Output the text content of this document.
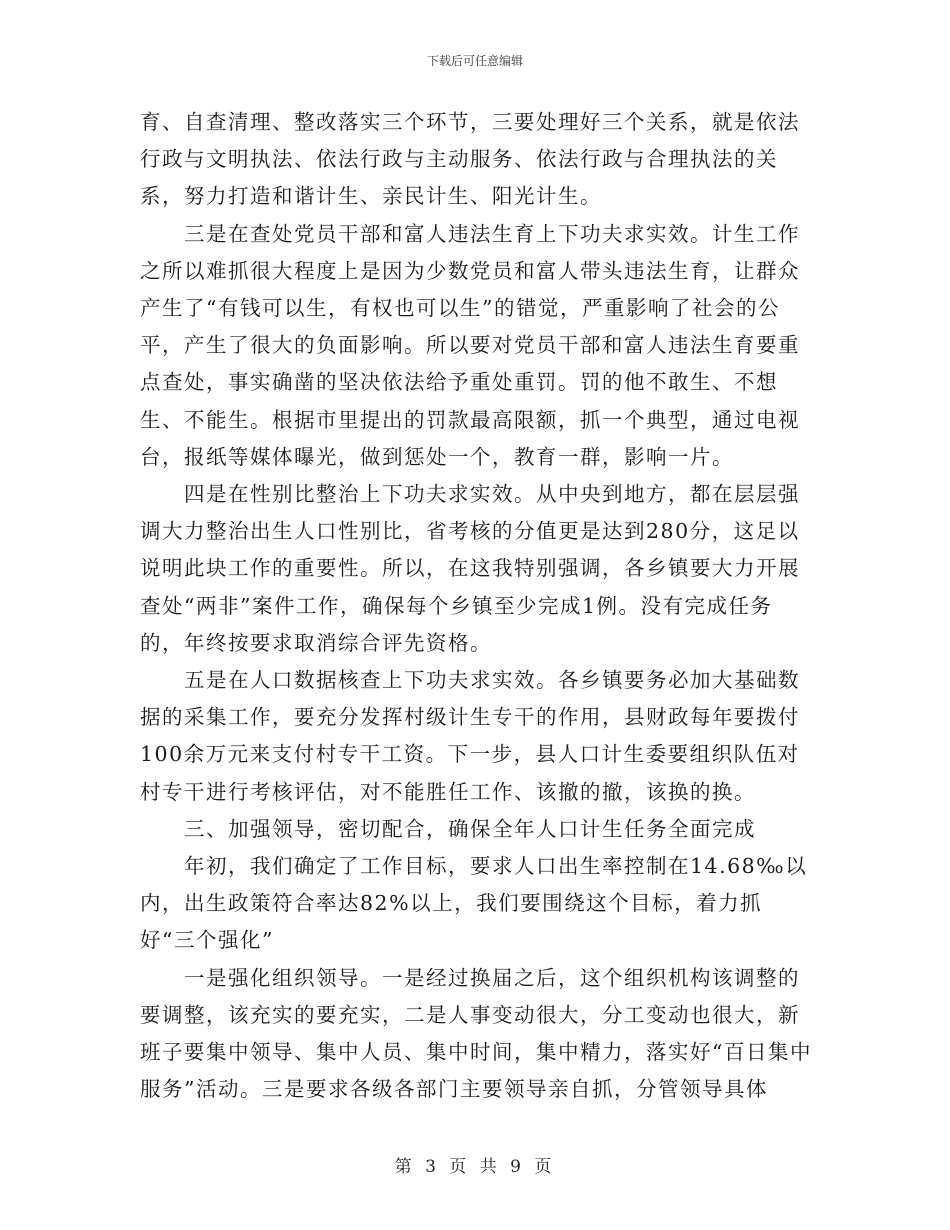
下载后可任意编辑

育、自查清理、整改落实三个环节，三要处理好三个关系，就是依法行政与文明执法、依法行政与主动服务、依法行政与合理执法的关系，努力打造和谐计生、亲民计生、阳光计生。

三是在查处党员干部和富人违法生育上下功夫求实效。计生工作之所以难抓很大程度上是因为少数党员和富人带头违法生育，让群众产生了“有钱可以生，有权也可以生”的错觉，严重影响了社会的公平，产生了很大的负面影响。所以要对党员干部和富人违法生育要重点查处，事实确凿的坚决依法给予重处重罚。罚的他不敢生、不想生、不能生。根据市里提出的罚款最高限额，抓一个典型，通过电视台，报纸等媒体曝光，做到惩处一个，教育一群，影响一片。

四是在性别比整治上下功夫求实效。从中央到地方，都在层层强调大力整治出生人口性别比，省考核的分值更是达到280分，这足以说明此块工作的重要性。所以，在这我特别强调，各乡镇要大力开展查处“两非”案件工作，确保每个乡镇至少完成1例。没有完成任务的，年终按要求取消综合评先资格。

五是在人口数据核查上下功夫求实效。各乡镇要务必加大基础数据的采集工作，要充分发挥村级计生专干的作用，县财政每年要拨付100余万元来支付村专干工资。下一步，县人口计生委要组织队伍对村专干进行考核评估，对不能胜任工作、该撤的撤，该换的换。

三、加强领导，密切配合，确保全年人口计生任务全面完成

年初，我们确定了工作目标，要求人口出生率控制在14.68‰以内，出生政策符合率达82%以上，我们要围绕这个目标，着力抓好“三个强化”

一是强化组织领导。一是经过换届之后，这个组织机构该调整的要调整，该充实的要充实，二是人事变动很大，分工变动也很大，新班子要集中领导、集中人员、集中时间，集中精力，落实好“百日集中服务”活动。三是要求各级各部门主要领导亲自抓，分管领导具体

第 3 页 共 9 页
